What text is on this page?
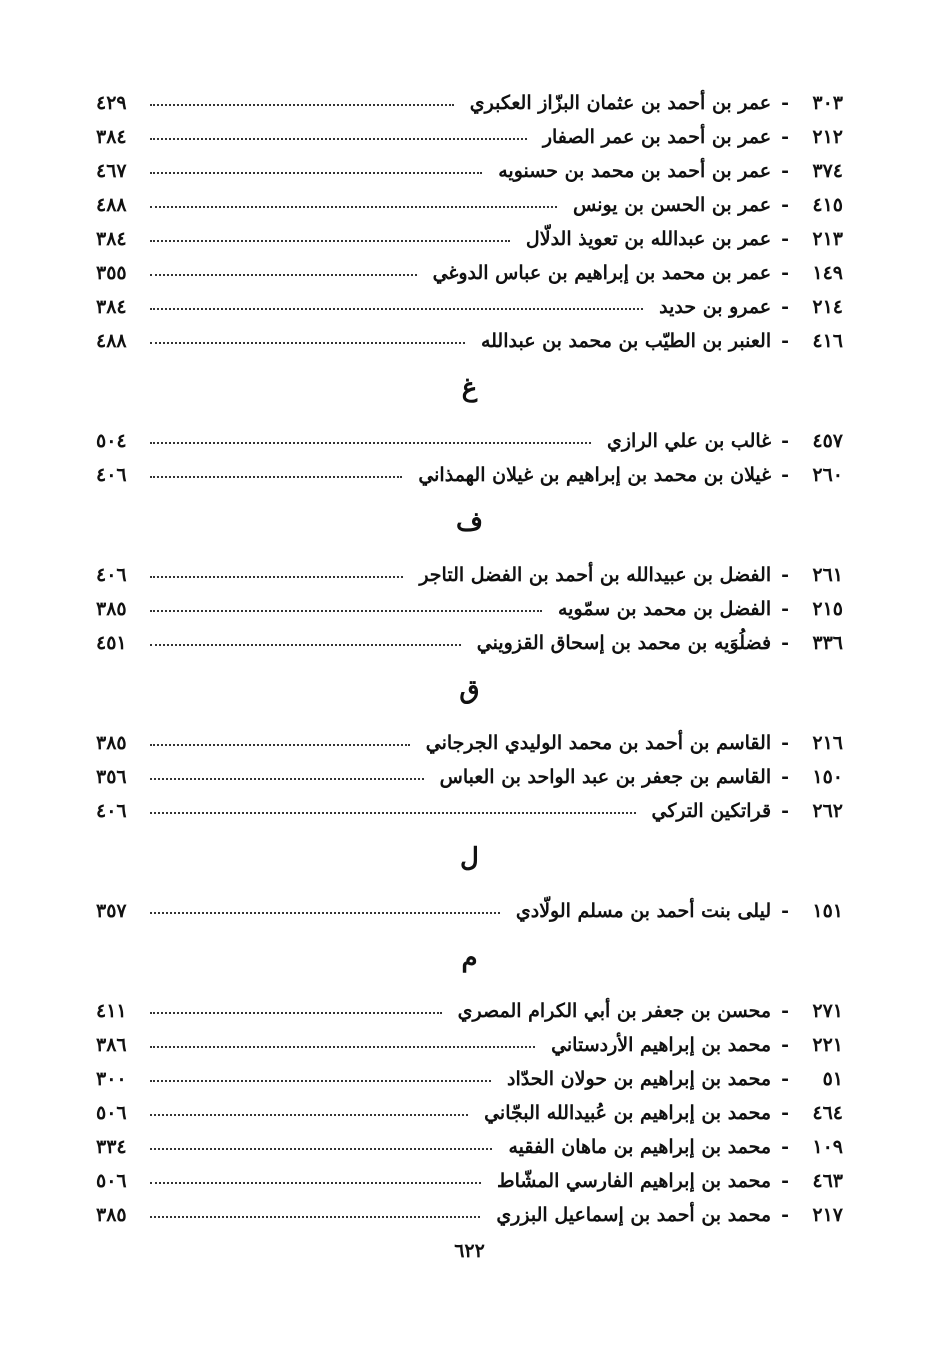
٣٠٣
-
عمر بن أحمد بن عثمان البزّاز العكبري
٤٢٩
٢١٢
-
عمر بن أحمد بن عمر الصفار
٣٨٤
٣٧٤
-
عمر بن أحمد بن محمد بن حسنويه
٤٦٧
٤١٥
-
عمر بن الحسن بن يونس
٤٨٨
٢١٣
-
عمر بن عبدالله بن تعويذ الدلّال
٣٨٤
١٤٩
-
عمر بن محمد بن إبراهيم بن عباس الدوغي
٣٥٥
٢١٤
-
عمرو بن حديد
٣٨٤
٤١٦
-
العنبر بن الطيّب بن محمد بن عبدالله
٤٨٨
غ
٤٥٧
-
غالب بن علي الرازي
٥٠٤
٢٦٠
-
غيلان بن محمد بن إبراهيم بن غيلان الهمذاني
٤٠٦
ف
٢٦١
-
الفضل بن عبيدالله بن أحمد بن الفضل التاجر
٤٠٦
٢١٥
-
الفضل بن محمد بن سمّويه
٣٨٥
٣٣٦
-
فضلُوَيه بن محمد بن إسحاق القزويني
٤٥١
ق
٢١٦
-
القاسم بن أحمد بن محمد الوليدي الجرجاني
٣٨٥
١٥٠
-
القاسم بن جعفر بن عبد الواحد بن العباس
٣٥٦
٢٦٢
-
قراتكين التركي
٤٠٦
ل
١٥١
-
ليلى بنت أحمد بن مسلم الولّادي
٣٥٧
م
٢٧١
-
محسن بن جعفر بن أبي الكرام المصري
٤١١
٢٢١
-
محمد بن إبراهيم الأردستاني
٣٨٦
٥١
-
محمد بن إبراهيم بن حولان الحدّاد
٣٠٠
٤٦٤
-
محمد بن إبراهيم بن عُبيدالله البجّاني
٥٠٦
١٠٩
-
محمد بن إبراهيم بن ماهان الفقيه
٣٣٤
٤٦٣
-
محمد بن إبراهيم الفارسي المشّاط
٥٠٦
٢١٧
-
محمد بن أحمد بن إسماعيل البزري
٣٨٥
٦٢٢
